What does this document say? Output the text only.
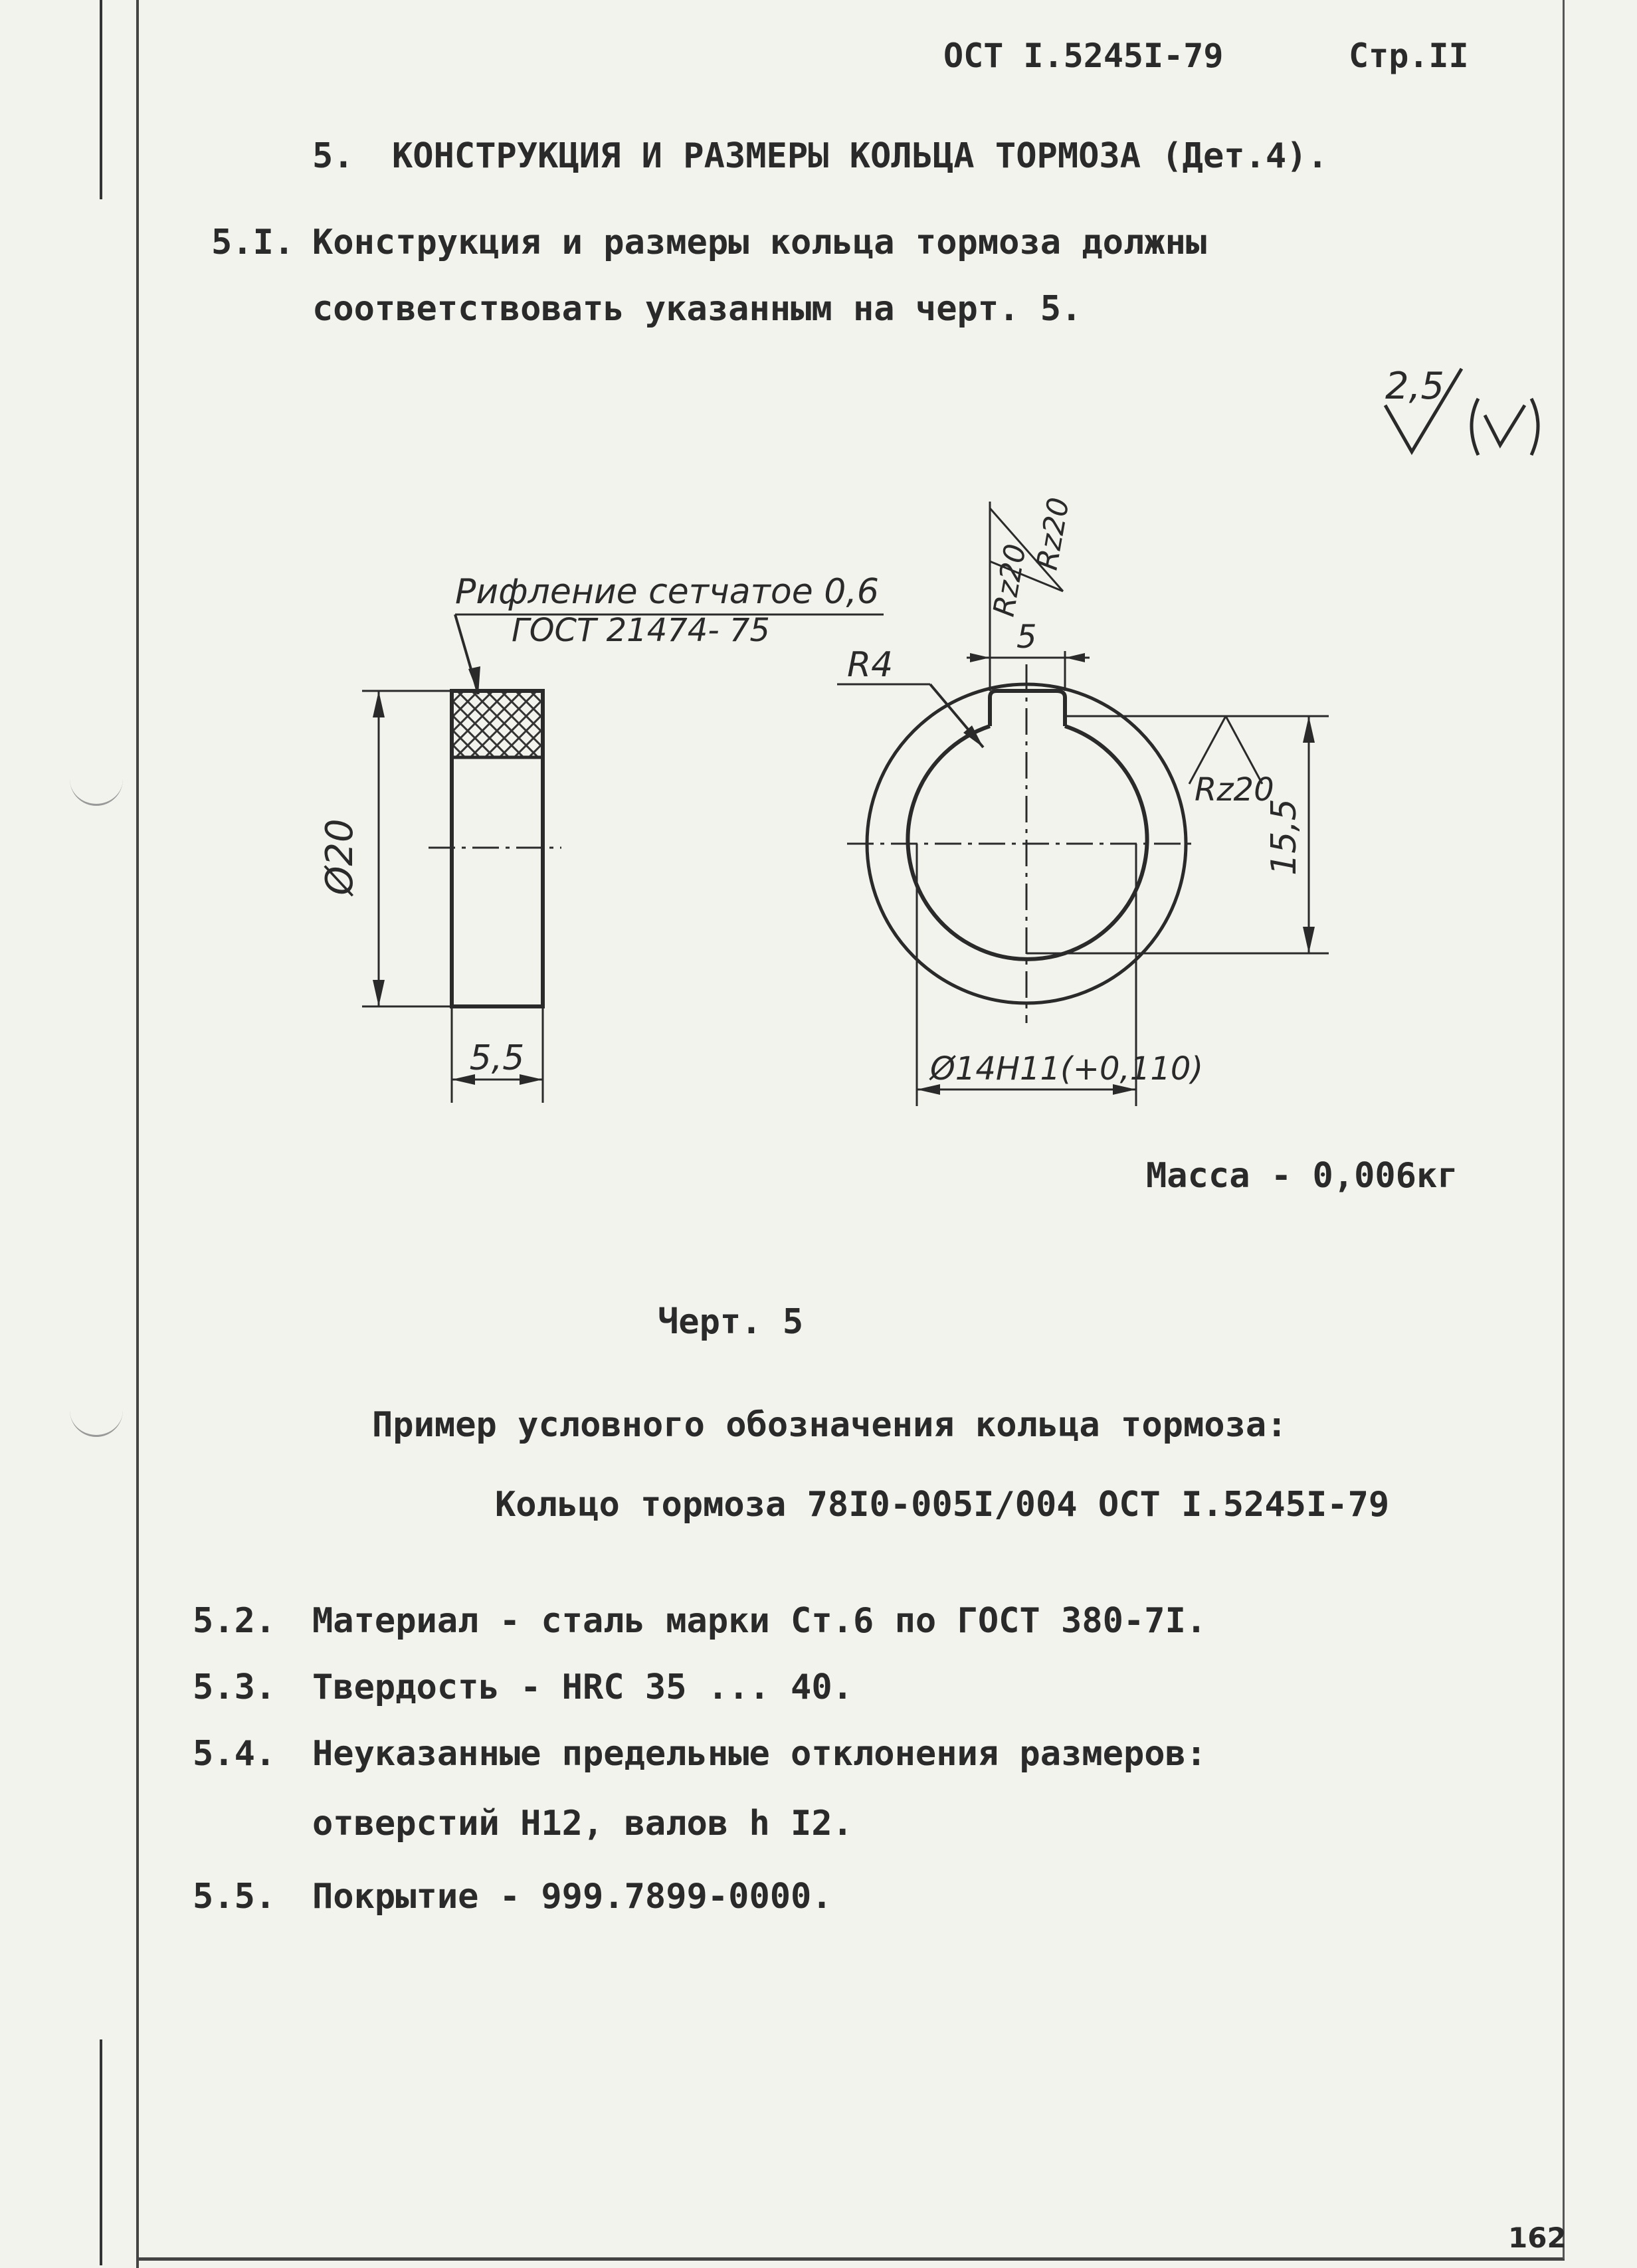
ОСТ I.5245I-79	Стр.II
5. КОНСТРУКЦИЯ И РАЗМЕРЫ КОЛЬЦА ТОРМОЗА (Дет.4).
5.I. Конструкция и размеры кольца тормоза должны
соответствовать указанным на черт. 5.
2,5
Рифление сетчатое 0,6
ГОСТ 21474- 75
Ø20
5,5
R4
5
Rz20
Rz20
Rz20
15,5
Ø14H11(+0,110)
Масса - 0,006кг
Черт. 5
Пример условного обозначения кольца тормоза:
Кольцо тормоза 78I0-005I/004 ОСТ I.5245I-79
5.2. Материал - сталь марки Ст.6 по ГОСТ 380-7I.
5.3. Твердость - HRC 35 ... 40.
5.4. Неуказанные предельные отклонения размеров:
отверстий H12, валов h I2.
5.5. Покрытие - 999.7899-0000.
162
